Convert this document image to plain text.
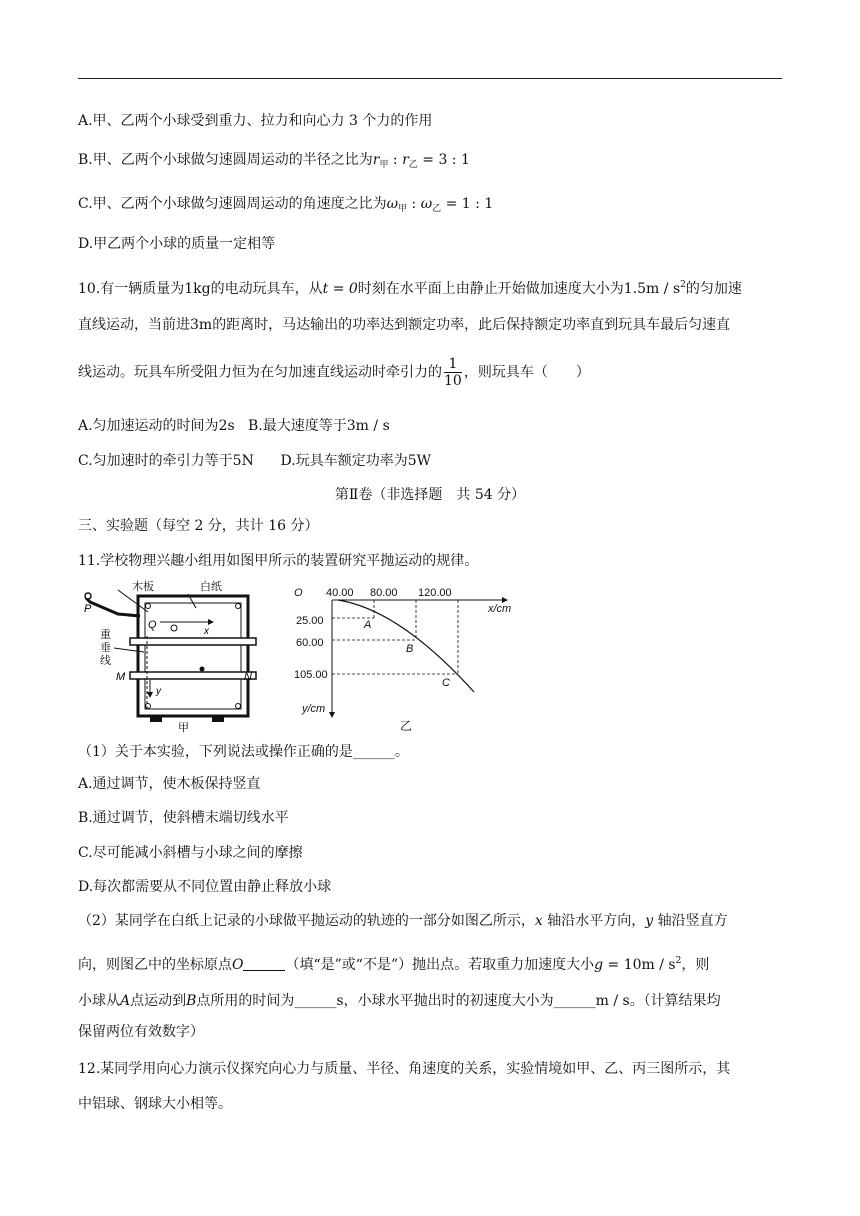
A.甲、乙两个小球受到重力、拉力和向心力 3 个力的作用
B.甲、乙两个小球做匀速圆周运动的半径之比为$r_甲$ : $r_乙 = 3$ : 1
C.甲、乙两个小球做匀速圆周运动的角速度之比为$\omega_甲$ : $\omega_乙 = 1$ : 1
D.甲乙两个小球的质量一定相等
10.有一辆质量为1kg的电动玩具车，从t = 0时刻在水平面上由静止开始做加速度大小为$1.5m / s^2$的匀加速
直线运动，当前进3m的距离时，马达输出的功率达到额定功率，此后保持额定功率直到玩具车最后匀速直
线运动。玩具车所受阻力恒为在匀加速直线运动时牵引力的 $\frac{1}{10}$ ，则玩具车（　　）
A.匀加速运动的时间为2s B.最大速度等于3m / s
C.匀加速时的牵引力等于5N D.玩具车额定功率为5W
第Ⅱ卷（非选择题　共 54 分）
三、实验题（每空 2 分，共计 16 分）
11.学校物理兴趣小组用如图甲所示的装置研究平抛运动的规律。
木板	白纸
P
Q
x
重
垂
线
M	N
y
甲
O 40.00 80.00 120.00
x/cm
25.00
60.00
105.00
y/cm
A
B
C
乙
（1）关于本实验，下列说法或操作正确的是______。
A.通过调节，使木板保持竖直
B.通过调节，使斜槽末端切线水平
C.尽可能减小斜槽与小球之间的摩擦
D.每次都需要从不同位置由静止释放小球
（2）某同学在白纸上记录的小球做平抛运动的轨迹的一部分如图乙所示，x 轴沿水平方向，y 轴沿竖直方
向，则图乙中的坐标原点O	（填“是”或“不是”）抛出点。若取重力加速度大小$g = 10m / s^2$，则
小球从A点运动到B点所用的时间为______s，小球水平抛出时的初速度大小为______m / s。（计算结果均
保留两位有效数字）
12.某同学用向心力演示仪探究向心力与质量、半径、角速度的关系，实验情境如甲、乙、丙三图所示，其
中铝球、钢球大小相等。
